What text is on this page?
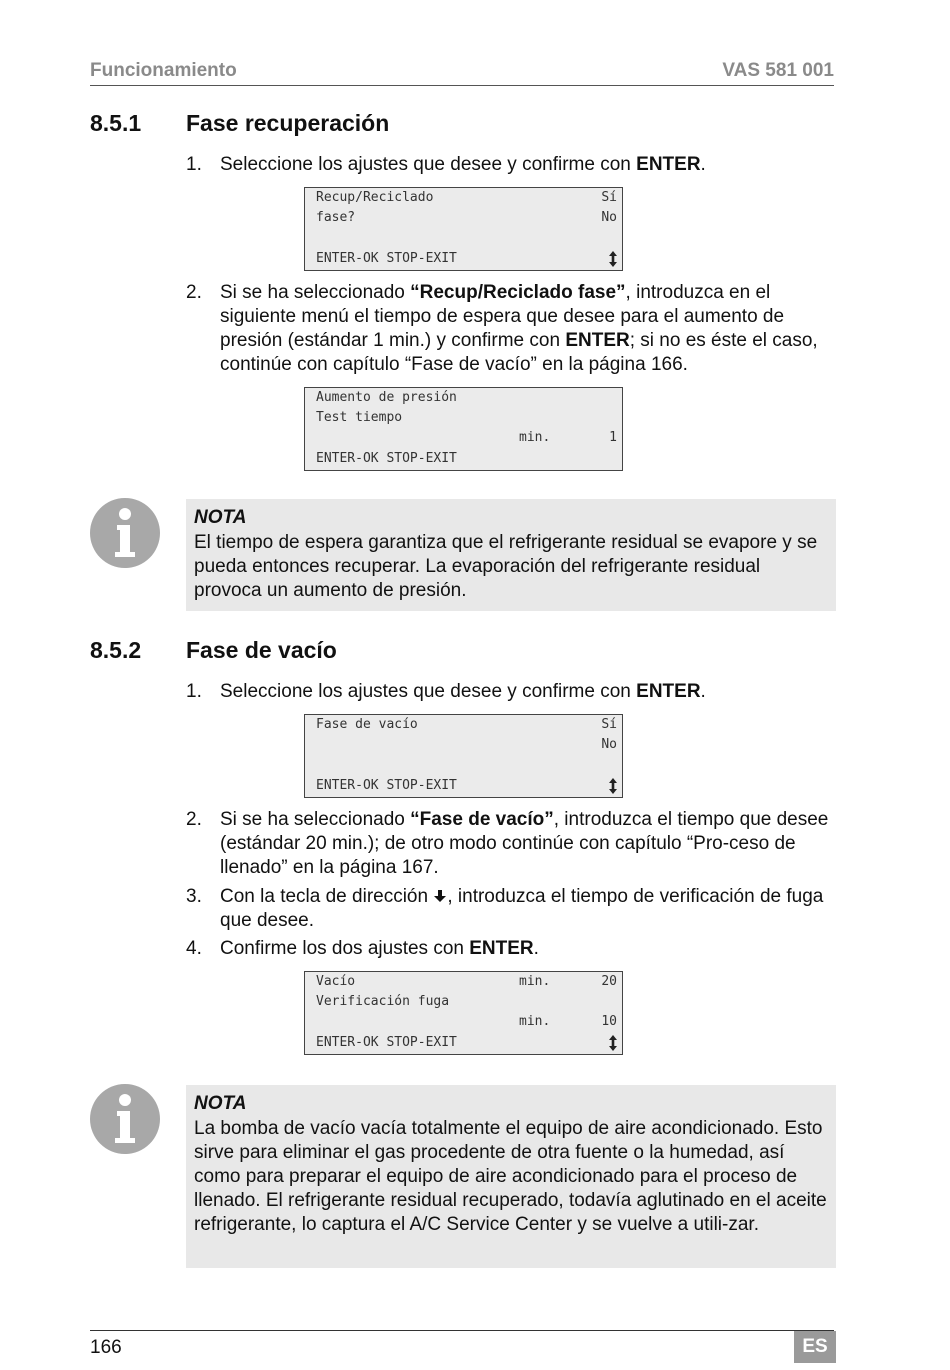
Funcionamiento	VAS 581 001
8.5.1 Fase recuperación
1. Seleccione los ajustes que desee y confirme con ENTER.
Recup/Reciclado	Sí
fase?	No
ENTER-OK STOP-EXIT
2. Si se ha seleccionado “Recup/Reciclado fase”, introduzca en el siguiente menú el tiempo de espera que desee para el aumento de presión (estándar 1 min.) y confirme con ENTER; si no es éste el caso, continúe con capítulo “Fase de vacío” en la página 166.
Aumento de presión
Test tiempo
min.	1
ENTER-OK STOP-EXIT
NOTA
El tiempo de espera garantiza que el refrigerante residual se evapore y se pueda entonces recuperar. La evaporación del refrigerante residual provoca un aumento de presión.
8.5.2 Fase de vacío
1. Seleccione los ajustes que desee y confirme con ENTER.
Fase de vacío	Sí
No
ENTER-OK STOP-EXIT
2. Si se ha seleccionado “Fase de vacío”, introduzca el tiempo que desee (estándar 20 min.); de otro modo continúe con capítulo “Pro-ceso de llenado” en la página 167.
3. Con la tecla de dirección , introduzca el tiempo de verificación de fuga que desee.
4. Confirme los dos ajustes con ENTER.
Vacío	min.	20
Verificación fuga
min.	10
ENTER-OK STOP-EXIT
NOTA
La bomba de vacío vacía totalmente el equipo de aire acondicionado. Esto sirve para eliminar el gas procedente de otra fuente o la humedad, así como para preparar el equipo de aire acondicionado para el proceso de llenado. El refrigerante residual recuperado, todavía aglutinado en el aceite refrigerante, lo captura el A/C Service Center y se vuelve a utili-zar.
166	ES
